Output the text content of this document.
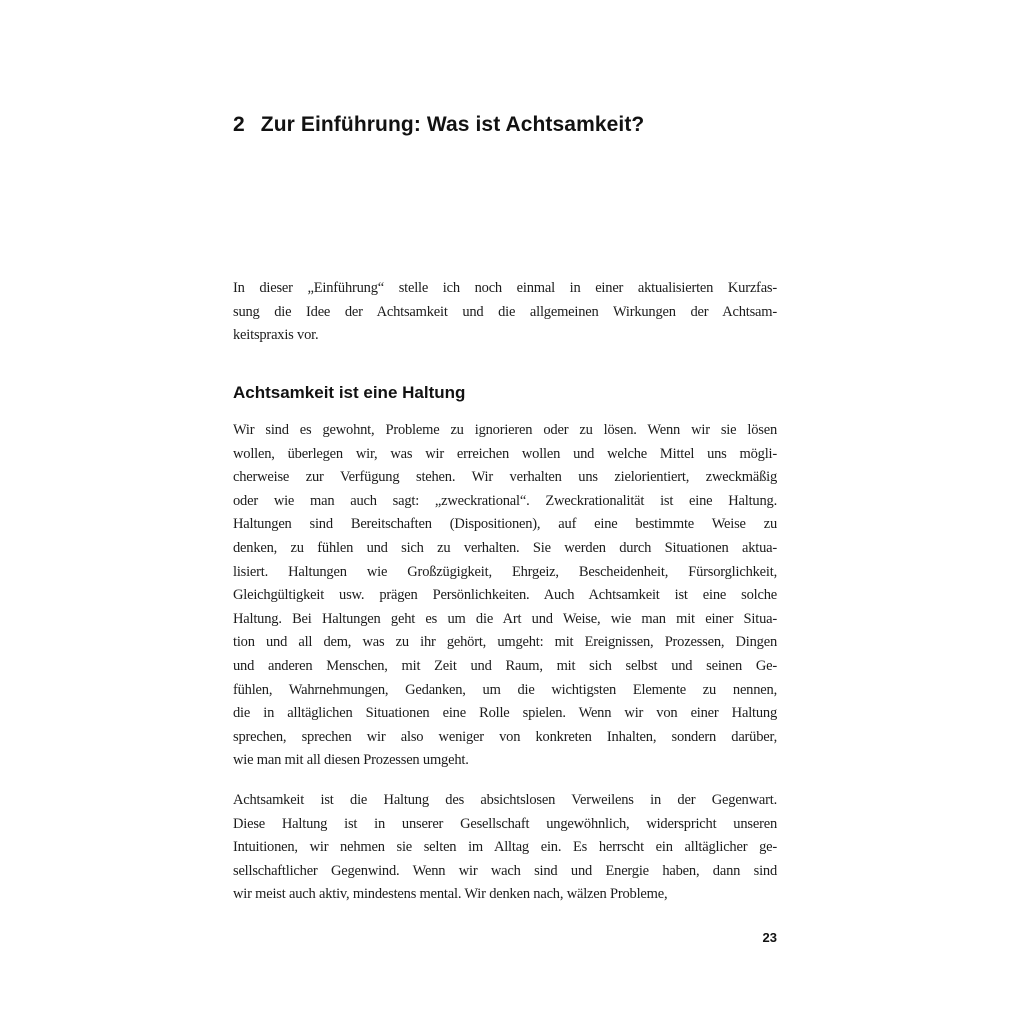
2 Zur Einführung: Was ist Achtsamkeit?
In dieser „Einführung“ stelle ich noch einmal in einer aktualisierten Kurzfas-
sung die Idee der Achtsamkeit und die allgemeinen Wirkungen der Achtsam-
keitspraxis vor.
Achtsamkeit ist eine Haltung
Wir sind es gewohnt, Probleme zu ignorieren oder zu lösen. Wenn wir sie lösen
wollen, überlegen wir, was wir erreichen wollen und welche Mittel uns mögli-
cherweise zur Verfügung stehen. Wir verhalten uns zielorientiert, zweckmäßig
oder wie man auch sagt: „zweckrational“. Zweckrationalität ist eine Haltung.
Haltungen sind Bereitschaften (Dispositionen), auf eine bestimmte Weise zu
denken, zu fühlen und sich zu verhalten. Sie werden durch Situationen aktua-
lisiert. Haltungen wie Großzügigkeit, Ehrgeiz, Bescheidenheit, Fürsorglichkeit,
Gleichgültigkeit usw. prägen Persönlichkeiten. Auch Achtsamkeit ist eine solche
Haltung. Bei Haltungen geht es um die Art und Weise, wie man mit einer Situa-
tion und all dem, was zu ihr gehört, umgeht: mit Ereignissen, Prozessen, Dingen
und anderen Menschen, mit Zeit und Raum, mit sich selbst und seinen Ge-
fühlen, Wahrnehmungen, Gedanken, um die wichtigsten Elemente zu nennen,
die in alltäglichen Situationen eine Rolle spielen. Wenn wir von einer Haltung
sprechen, sprechen wir also weniger von konkreten Inhalten, sondern darüber,
wie man mit all diesen Prozessen umgeht.
Achtsamkeit ist die Haltung des absichtslosen Verweilens in der Gegenwart.
Diese Haltung ist in unserer Gesellschaft ungewöhnlich, widerspricht unseren
Intuitionen, wir nehmen sie selten im Alltag ein. Es herrscht ein alltäglicher ge-
sellschaftlicher Gegenwind. Wenn wir wach sind und Energie haben, dann sind
wir meist auch aktiv, mindestens mental. Wir denken nach, wälzen Probleme,
23
